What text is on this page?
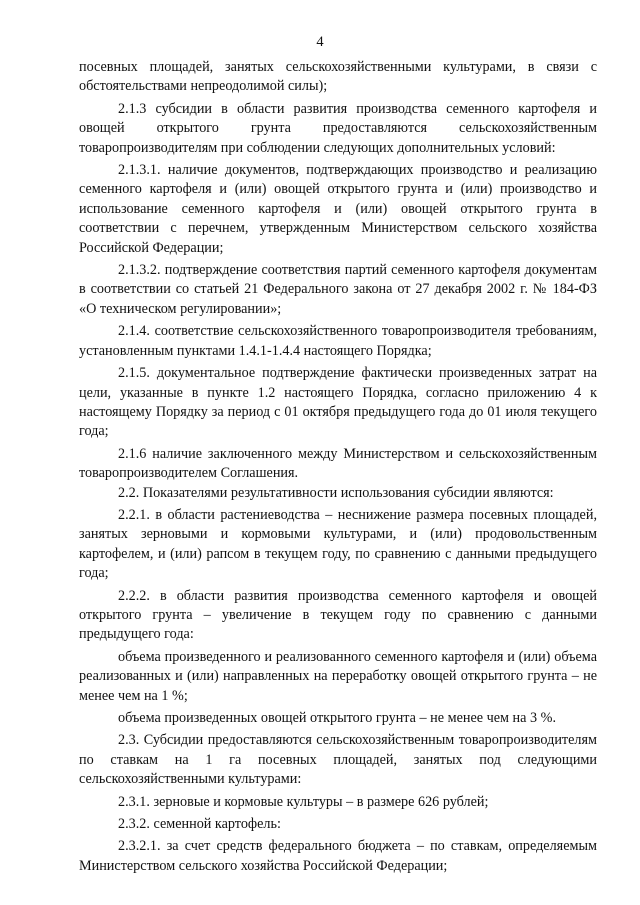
4

посевных площадей, занятых сельскохозяйственными культурами, в связи с обстоятельствами непреодолимой силы);

2.1.3 субсидии в области развития производства семенного картофеля и овощей открытого грунта предоставляются сельскохозяйственным товаропроизводителям при соблюдении следующих дополнительных условий:

2.1.3.1. наличие документов, подтверждающих производство и реализацию семенного картофеля и (или) овощей открытого грунта и (или) производство и использование семенного картофеля и (или) овощей открытого грунта в соответствии с перечнем, утвержденным Министерством сельского хозяйства Российской Федерации;

2.1.3.2. подтверждение соответствия партий семенного картофеля документам в соответствии со статьей 21 Федерального закона от 27 декабря 2002 г. № 184-ФЗ «О техническом регулировании»;

2.1.4. соответствие сельскохозяйственного товаропроизводителя требованиям, установленным пунктами 1.4.1-1.4.4 настоящего Порядка;

2.1.5. документальное подтверждение фактически произведенных затрат на цели, указанные в пункте 1.2 настоящего Порядка, согласно приложению 4 к настоящему Порядку за период с 01 октября предыдущего года до 01 июля текущего года;

2.1.6 наличие заключенного между Министерством и сельскохозяйственным товаропроизводителем Соглашения.

2.2. Показателями результативности использования субсидии являются:

2.2.1. в области растениеводства – неснижение размера посевных площадей, занятых зерновыми и кормовыми культурами, и (или) продовольственным картофелем, и (или) рапсом в текущем году, по сравнению с данными предыдущего года;

2.2.2. в области развития производства семенного картофеля и овощей открытого грунта – увеличение в текущем году по сравнению с данными предыдущего года:

объема произведенного и реализованного семенного картофеля и (или) объема реализованных и (или) направленных на переработку овощей открытого грунта – не менее чем на 1 %;

объема произведенных овощей открытого грунта – не менее чем на 3 %.

2.3. Субсидии предоставляются сельскохозяйственным товаропроизводителям по ставкам на 1 га посевных площадей, занятых под следующими сельскохозяйственными культурами:

2.3.1. зерновые и кормовые культуры – в размере 626 рублей;

2.3.2. семенной картофель:

2.3.2.1. за счет средств федерального бюджета – по ставкам, определяемым Министерством сельского хозяйства Российской Федерации;
